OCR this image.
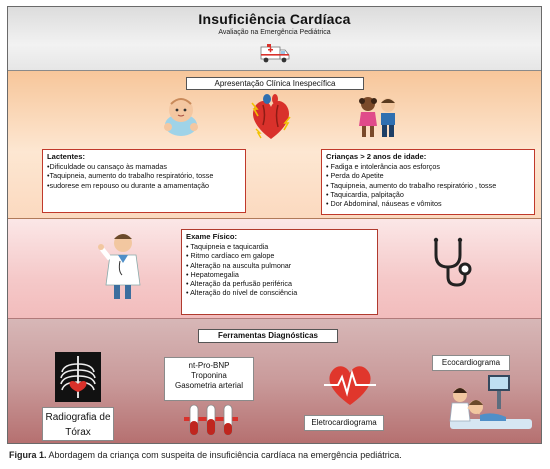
Insuficiência Cardíaca
Avaliação na Emergência Pediátrica
Apresentação Clínica Inespecífica
Lactentes:
•Dificuldade ou cansaço às mamadas
•Taquipneia, aumento do trabalho respiratório, tosse
•sudorese em repouso ou durante a amamentação
Crianças > 2 anos de idade:
• Fadiga e intolerância aos esforços
• Perda do Apetite
• Taquipneia, aumento do trabalho respiratório , tosse
• Taquicardia, palpitação
• Dor Abdominal, náuseas e vômitos
Exame Físico:
• Taquipneia e taquicardia
• Ritmo cardíaco em galope
• Alteração na ausculta pulmonar
• Hepatomegalia
• Alteração da perfusão periférica
• Alteração do nível de consciência
Ferramentas Diagnósticas
Radiografia de
Tórax
nt-Pro-BNP
Troponina
Gasometria arterial
Eletrocardiograma
Ecocardiograma
Figura 1. Abordagem da criança com suspeita de insuficiência cardíaca na emergência pediátrica.
